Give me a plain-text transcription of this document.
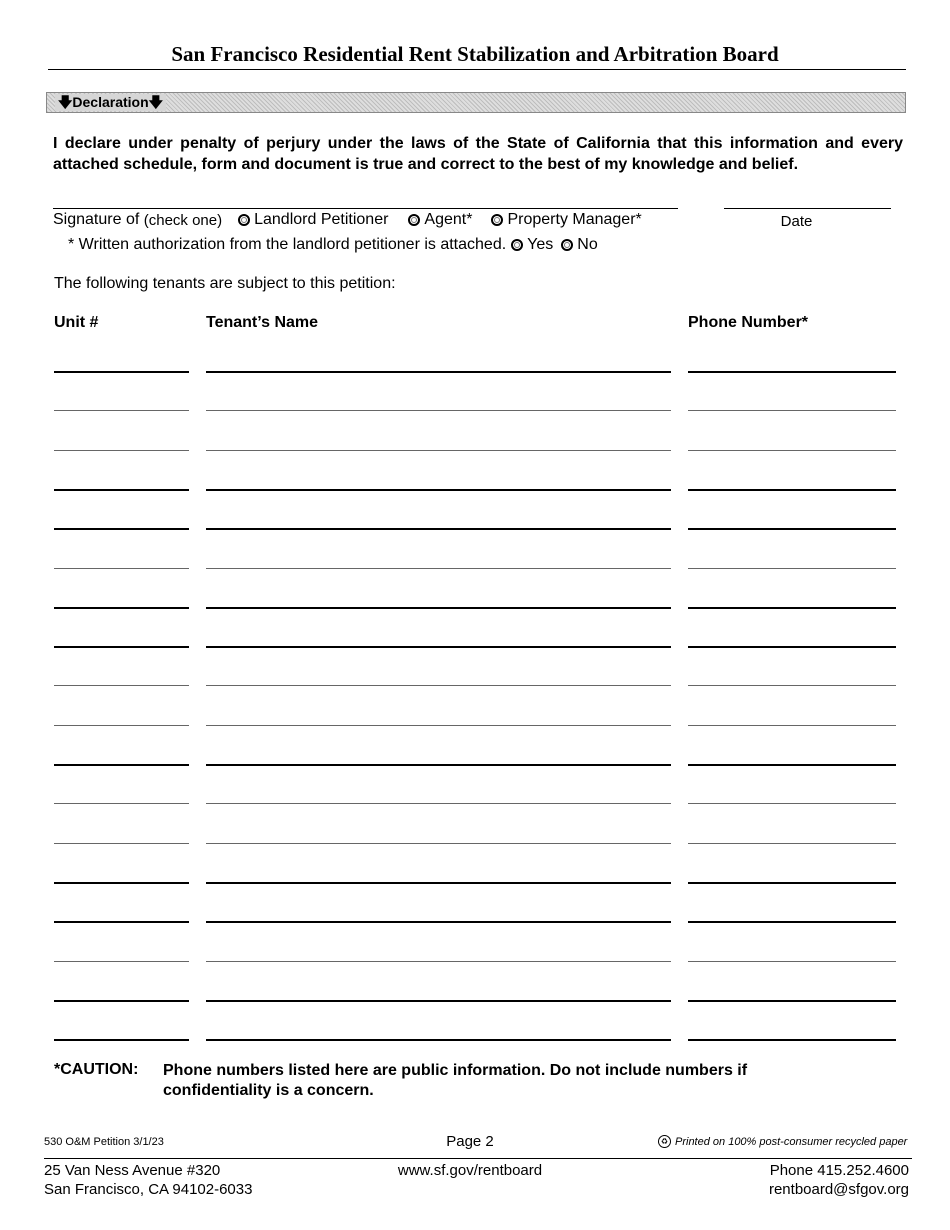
San Francisco Residential Rent Stabilization and Arbitration Board
🡇Declaration🡇
I declare under penalty of perjury under the laws of the State of California that this information and every attached schedule, form and document is true and correct to the best of my knowledge and belief.
Date
Signature of
(check one) Landlord Petitioner Agent* Property Manager*
* Written authorization from the landlord petitioner is attached. Yes No
The following tenants are subject to this petition:
Unit #	Tenant’s Name	Phone Number*
*CAUTION: Phone numbers listed here are public information. Do not include numbers if confidentiality is a concern.
530 O&M Petition 3/1/23	Page 2	♻ Printed on 100% post-consumer recycled paper
25 Van Ness Avenue #320
San Francisco, CA 94102-6033
www.sf.gov/rentboard	Phone 415.252.4600
rentboard@sfgov.org
